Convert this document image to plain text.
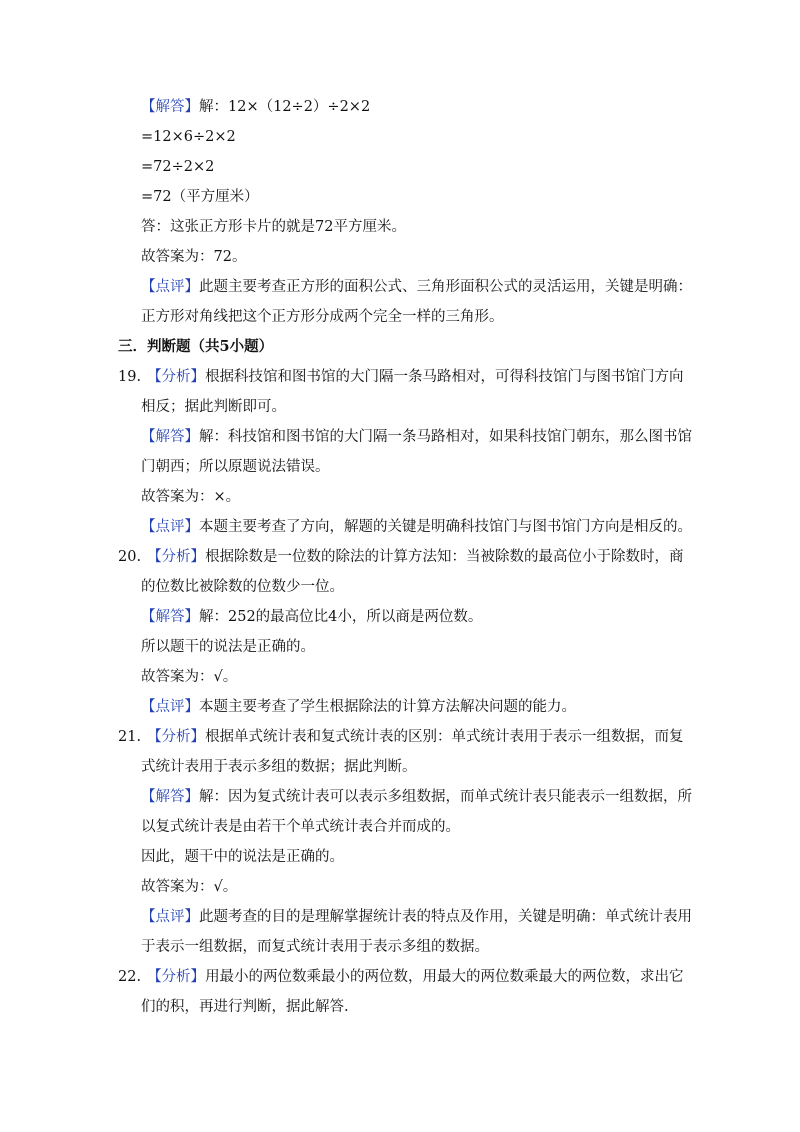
【解答】解：12×（12÷2）÷2×2
=12×6÷2×2
=72÷2×2
=72（平方厘米）
答：这张正方形卡片的就是72平方厘米。
故答案为：72。
【点评】此题主要考查正方形的面积公式、三角形面积公式的灵活运用，关键是明确：
正方形对角线把这个正方形分成两个完全一样的三角形。
三．判断题（共5小题）
19. 【分析】根据科技馆和图书馆的大门隔一条马路相对，可得科技馆门与图书馆门方向
相反；据此判断即可。
【解答】解：科技馆和图书馆的大门隔一条马路相对，如果科技馆门朝东，那么图书馆
门朝西；所以原题说法错误。
故答案为：×。
【点评】本题主要考查了方向，解题的关键是明确科技馆门与图书馆门方向是相反的。
20. 【分析】根据除数是一位数的除法的计算方法知：当被除数的最高位小于除数时，商
的位数比被除数的位数少一位。
【解答】解：252的最高位比4小，所以商是两位数。
所以题干的说法是正确的。
故答案为：√。
【点评】本题主要考查了学生根据除法的计算方法解决问题的能力。
21. 【分析】根据单式统计表和复式统计表的区别：单式统计表用于表示一组数据，而复
式统计表用于表示多组的数据；据此判断。
【解答】解：因为复式统计表可以表示多组数据，而单式统计表只能表示一组数据，所
以复式统计表是由若干个单式统计表合并而成的。
因此，题干中的说法是正确的。
故答案为：√。
【点评】此题考查的目的是理解掌握统计表的特点及作用，关键是明确：单式统计表用
于表示一组数据，而复式统计表用于表示多组的数据。
22. 【分析】用最小的两位数乘最小的两位数，用最大的两位数乘最大的两位数，求出它
们的积，再进行判断，据此解答.
